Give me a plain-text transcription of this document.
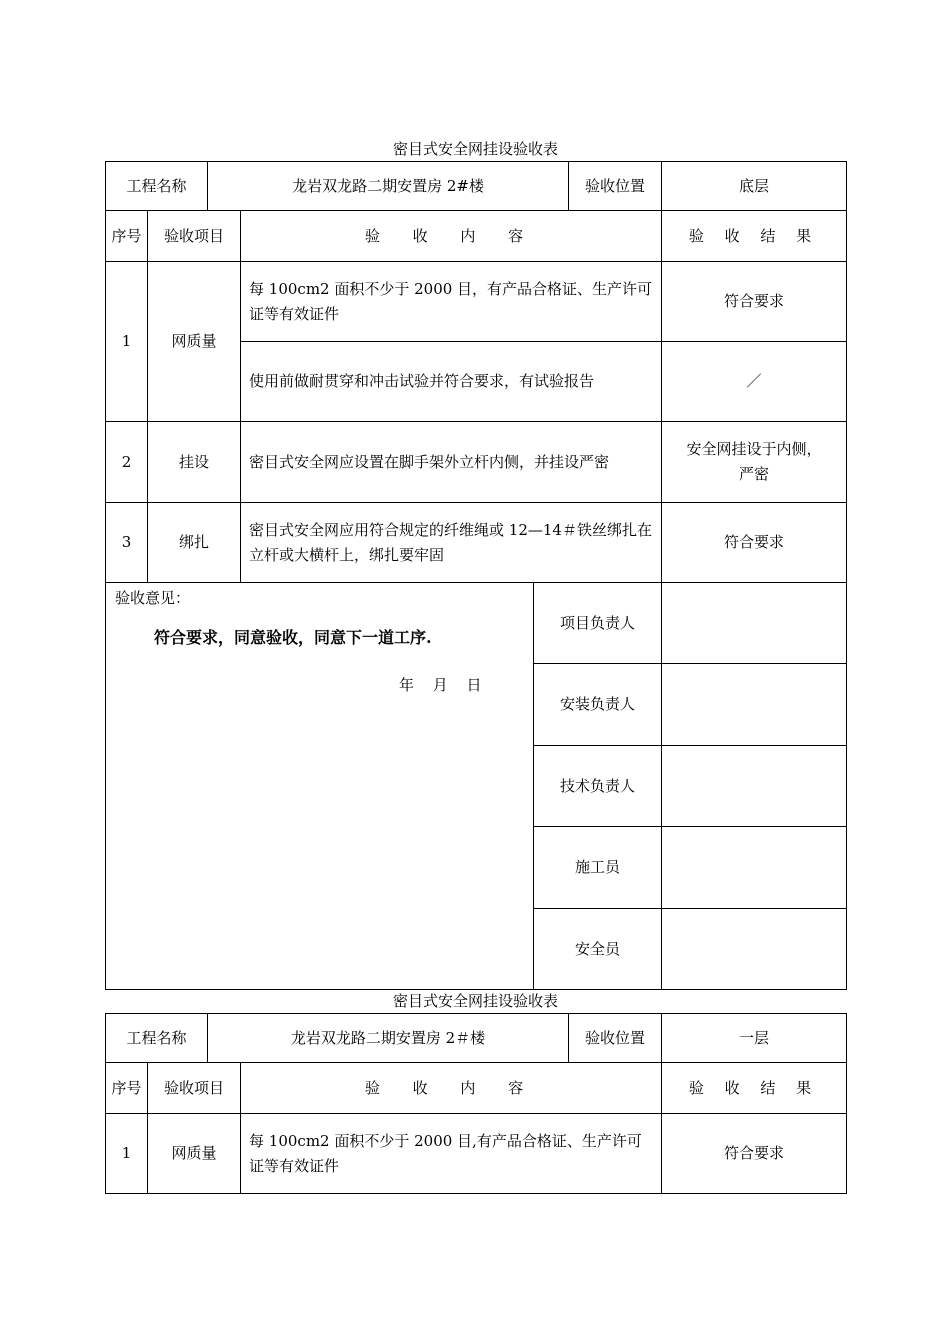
密目式安全网挂设验收表
工程名称		龙岩双龙路二期安置房 2#楼			验收位置	底层
序号	验收项目		验 收 内 容			验 收 结 果
1	网质量		每 100cm2 面积不少于 2000 目，有产品合格证、生产许可证等有效证件			符合要求
			使用前做耐贯穿和冲击试验并符合要求，有试验报告			／
2	挂设		密目式安全网应设置在脚手架外立杆内侧，并挂设严密			安全网挂设于内侧，
严密

3	绑扎		密目式安全网应用符合规定的纤维绳或 12—14＃铁丝绑扎在立杆或大横杆上，绑扎要牢固			符合要求

验收意见：
符合要求，同意验收，同意下一道工序.
年 月 日				项目负责人		
				安装负责人		
				技术负责人		
				施工员		
				安全员		
密目式安全网挂设验收表
工程名称		龙岩双龙路二期安置房 2＃楼		验收位置	一层
序号	验收项目		验 收 内 容		验 收 结 果
1	网质量		每 100cm2 面积不少于 2000 目,有产品合格证、生产许可证等有效证件		符合要求
